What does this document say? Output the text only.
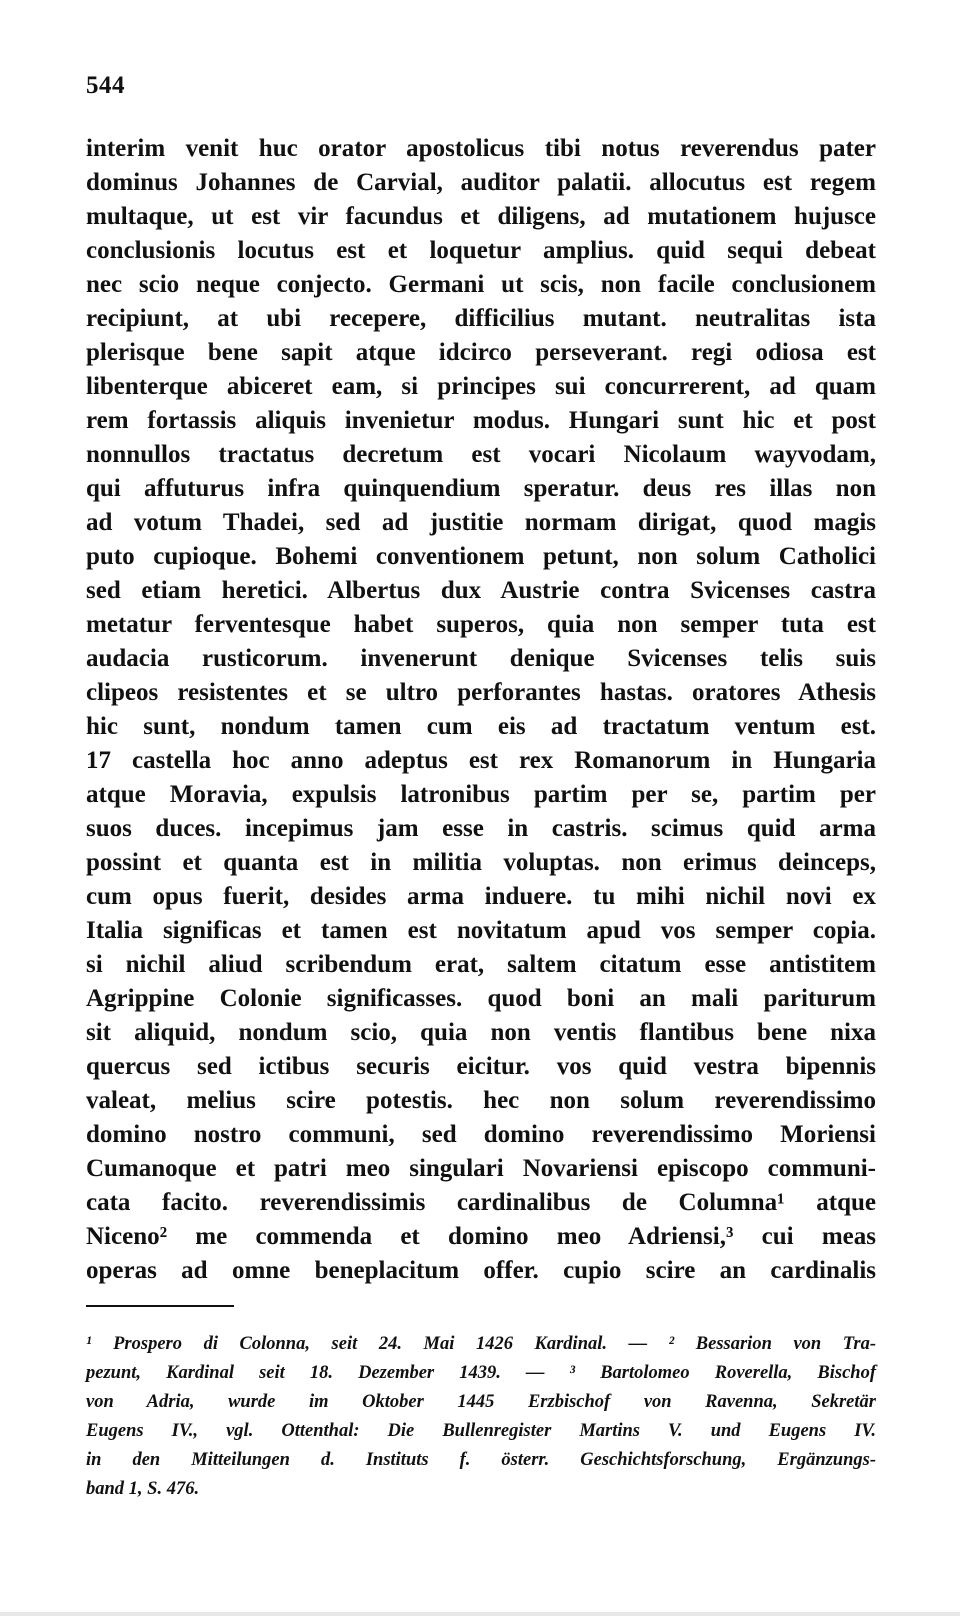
544
interim venit huc orator apostolicus tibi notus reverendus pater
dominus Johannes de Carvial, auditor palatii. allocutus est regem
multaque, ut est vir facundus et diligens, ad mutationem hujusce
conclusionis locutus est et loquetur amplius. quid sequi debeat
nec scio neque conjecto. Germani ut scis, non facile conclusionem
recipiunt, at ubi recepere, difficilius mutant. neutralitas ista
plerisque bene sapit atque idcirco perseverant. regi odiosa est
libenterque abiceret eam, si principes sui concurrerent, ad quam
rem fortassis aliquis invenietur modus. Hungari sunt hic et post
nonnullos tractatus decretum est vocari Nicolaum wayvodam,
qui affuturus infra quinquendium speratur. deus res illas non
ad votum Thadei, sed ad justitie normam dirigat, quod magis
puto cupioque. Bohemi conventionem petunt, non solum Catholici
sed etiam heretici. Albertus dux Austrie contra Svicenses castra
metatur ferventesque habet superos, quia non semper tuta est
audacia rusticorum. invenerunt denique Svicenses telis suis
clipeos resistentes et se ultro perforantes hastas. oratores Athesis
hic sunt, nondum tamen cum eis ad tractatum ventum est.
17 castella hoc anno adeptus est rex Romanorum in Hungaria
atque Moravia, expulsis latronibus partim per se, partim per
suos duces. incepimus jam esse in castris. scimus quid arma
possint et quanta est in militia voluptas. non erimus deinceps,
cum opus fuerit, desides arma induere. tu mihi nichil novi ex
Italia significas et tamen est novitatum apud vos semper copia.
si nichil aliud scribendum erat, saltem citatum esse antistitem
Agrippine Colonie significasses. quod boni an mali pariturum
sit aliquid, nondum scio, quia non ventis flantibus bene nixa
quercus sed ictibus securis eicitur. vos quid vestra bipennis
valeat, melius scire potestis. hec non solum reverendissimo
domino nostro communi, sed domino reverendissimo Moriensi
Cumanoque et patri meo singulari Novariensi episcopo communi-
cata facito. reverendissimis cardinalibus de Columna¹ atque
Niceno² me commenda et domino meo Adriensi,³ cui meas
operas ad omne beneplacitum offer. cupio scire an cardinalis
¹ Prospero di Colonna, seit 24. Mai 1426 Kardinal. — ² Bessarion von Tra-
pezunt, Kardinal seit 18. Dezember 1439. — ³ Bartolomeo Roverella, Bischof
von Adria, wurde im Oktober 1445 Erzbischof von Ravenna, Sekretär
Eugens IV., vgl. Ottenthal: Die Bullenregister Martins V. und Eugens IV.
in den Mitteilungen d. Instituts f. österr. Geschichtsforschung, Ergänzungs-
band 1, S. 476.
